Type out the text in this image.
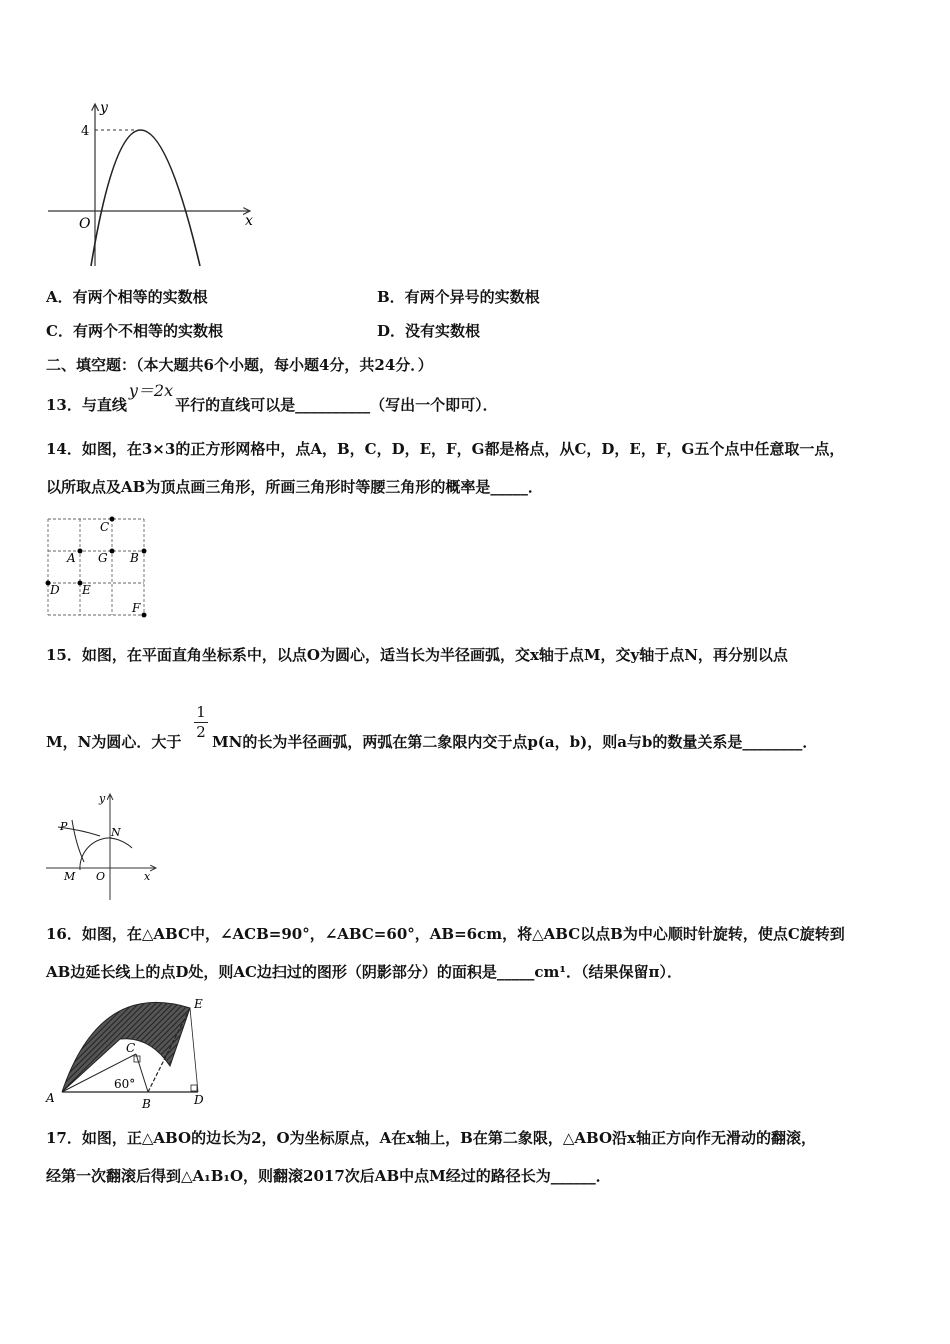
y
x
O
4
A．有两个相等的实数根	B．有两个异号的实数根
C．有两个不相等的实数根	D．没有实数根
二、填空题：（本大题共6个小题，每小题4分，共24分．）
13．与直线y＝2x平行的直线可以是__________（写出一个即可）．
14．如图，在3×3的正方形网格中，点A，B，C，D，E，F，G都是格点，从C，D，E，F，G五个点中任意取一点，
以所取点及AB为顶点画三角形，所画三角形时等腰三角形的概率是_____．
C
A G B
D E
F
15．如图，在平面直角坐标系中，以点O为圆心，适当长为半径画弧，交x轴于点M，交y轴于点N，再分别以点
1
2
M，N为圆心．大于 MN的长为半径画弧，两弧在第二象限内交于点p(a，b)，则a与b的数量关系是________．
y
x
P	N
M O
16．如图，在△ABC中，∠ACB=90°，∠ABC=60°，AB=6cm，将△ABC以点B为中心顺时针旋转，使点C旋转到
AB边延长线上的点D处，则AC边扫过的图形（阴影部分）的面积是_____cm¹．（结果保留π）．
A	B
C
D
E
60°
17．如图，正△ABO的边长为2，O为坐标原点，A在x轴上，B在第二象限，△ABO沿x轴正方向作无滑动的翻滚，
经第一次翻滚后得到△A₁B₁O，则翻滚2017次后AB中点M经过的路径长为______．
